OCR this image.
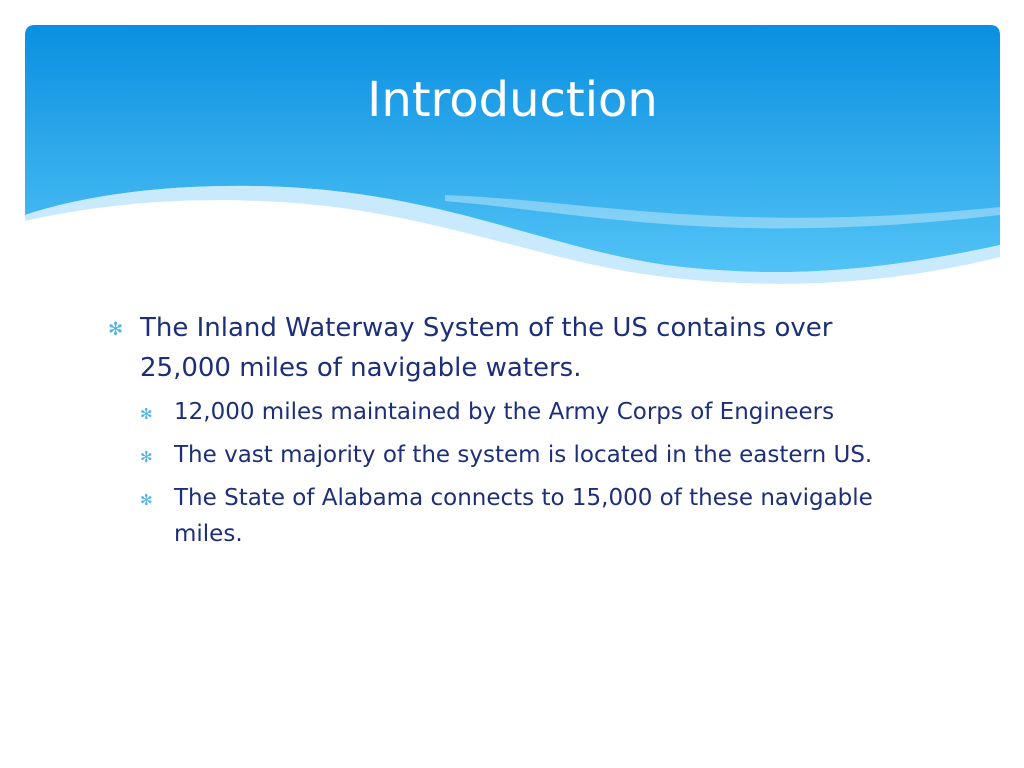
Introduction
✻ The Inland Waterway System of the US contains over 25,000 miles of navigable waters.
✻ 12,000 miles maintained by the Army Corps of Engineers
✻ The vast majority of the system is located in the eastern US.
✻ The State of Alabama connects to 15,000 of these navigable miles.
